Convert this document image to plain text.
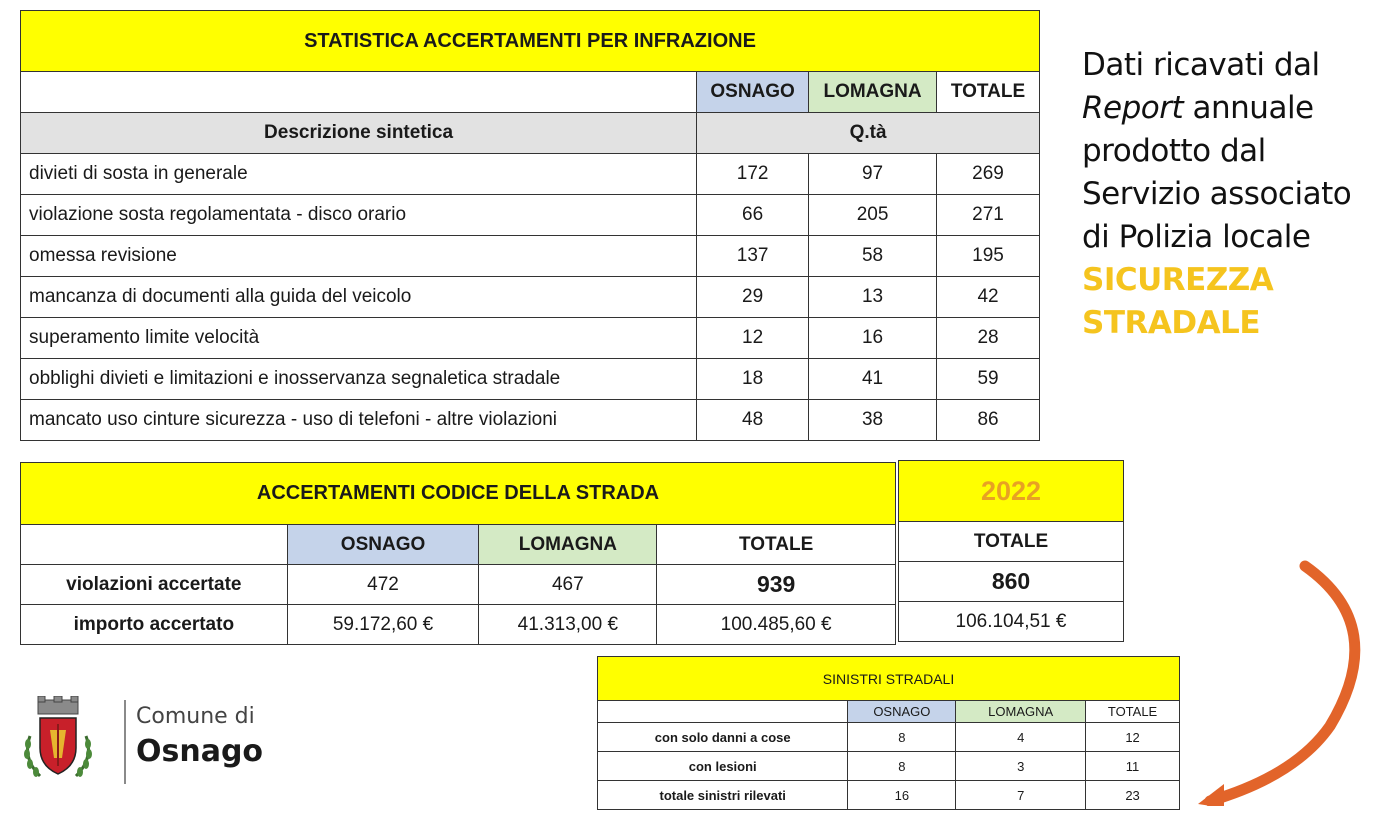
STATISTICA ACCERTAMENTI PER INFRAZIONE			
	OSNAGO	LOMAGNA	TOTALE
Descrizione sintetica	Q.tà		
divieti di sosta in generale	172	97	269
violazione sosta regolamentata - disco orario	66	205	271
omessa revisione	137	58	195
mancanza di documenti alla guida del veicolo	29	13	42
superamento limite velocità	12	16	28
obblighi divieti e limitazioni e inosservanza segnaletica stradale	18	41	59
mancato uso cinture sicurezza - uso di telefoni - altre violazioni	48	38	86
ACCERTAMENTI CODICE DELLA STRADA			
	OSNAGO	LOMAGNA	TOTALE
violazioni accertate	472	467	939
importo accertato	59.172,60 €	41.313,00 €	100.485,60 €
2022
TOTALE
860
106.104,51 €
SINISTRI STRADALI			
	OSNAGO	LOMAGNA	TOTALE
con solo danni a cose	8	4	12
con lesioni	8	3	11
totale sinistri rilevati	16	7	23
Dati ricavati dal
Report annuale
prodotto dal
Servizio associato
di Polizia locale
SICUREZZA
STRADALE
Comune di
Osnago
